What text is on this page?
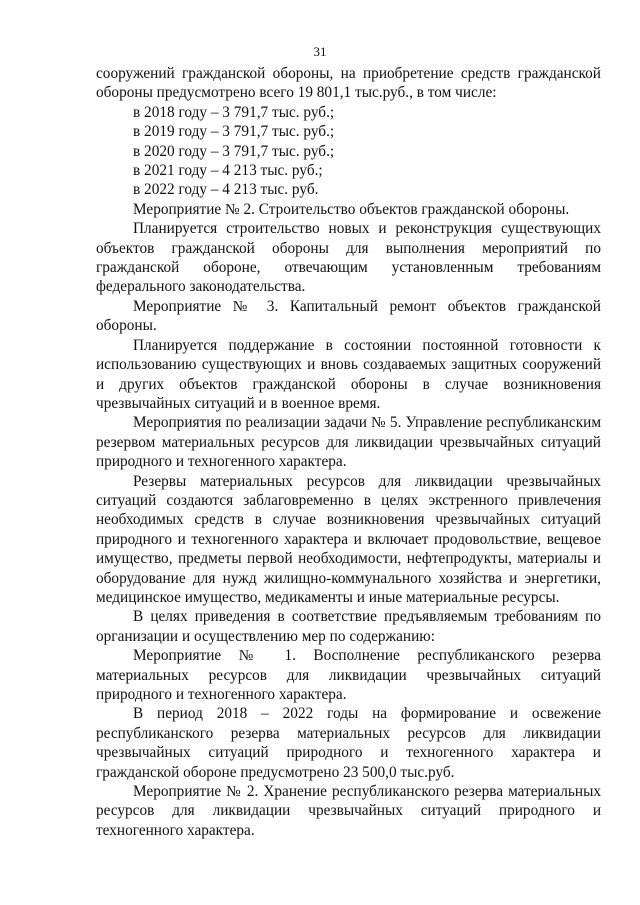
31

сооружений гражданской обороны, на приобретение средств гражданской обороны предусмотрено всего 19 801,1 тыс.руб., в том числе:

в 2018 году – 3 791,7 тыс. руб.;

в 2019 году – 3 791,7 тыс. руб.;

в 2020 году – 3 791,7 тыс. руб.;

в 2021 году – 4 213 тыс. руб.;

в 2022 году – 4 213 тыс. руб.

Мероприятие № 2. Строительство объектов гражданской обороны.

Планируется строительство новых и реконструкция существующих объектов гражданской обороны для выполнения мероприятий по гражданской обороне, отвечающим установленным требованиям федерального законодательства.

Мероприятие № 3. Капитальный ремонт объектов гражданской обороны.

Планируется поддержание в состоянии постоянной готовности к использованию существующих и вновь создаваемых защитных сооружений и других объектов гражданской обороны в случае возникновения чрезвычайных ситуаций и в военное время.

Мероприятия по реализации задачи № 5. Управление республиканским резервом материальных ресурсов для ликвидации чрезвычайных ситуаций природного и техногенного характера.

Резервы материальных ресурсов для ликвидации чрезвычайных ситуаций создаются заблаговременно в целях экстренного привлечения необходимых средств в случае возникновения чрезвычайных ситуаций природного и техногенного характера и включает продовольствие, вещевое имущество, предметы первой необходимости, нефтепродукты, материалы и оборудование для нужд жилищно-коммунального хозяйства и энергетики, медицинское имущество, медикаменты и иные материальные ресурсы.

В целях приведения в соответствие предъявляемым требованиям по организации и осуществлению мер по содержанию:

Мероприятие № 1. Восполнение республиканского резерва материальных ресурсов для ликвидации чрезвычайных ситуаций природного и техногенного характера.

В период 2018 – 2022 годы на формирование и освежение республиканского резерва материальных ресурсов для ликвидации чрезвычайных ситуаций природного и техногенного характера и гражданской обороне предусмотрено 23 500,0 тыс.руб.

Мероприятие № 2. Хранение республиканского резерва материальных ресурсов для ликвидации чрезвычайных ситуаций природного и техногенного характера.
